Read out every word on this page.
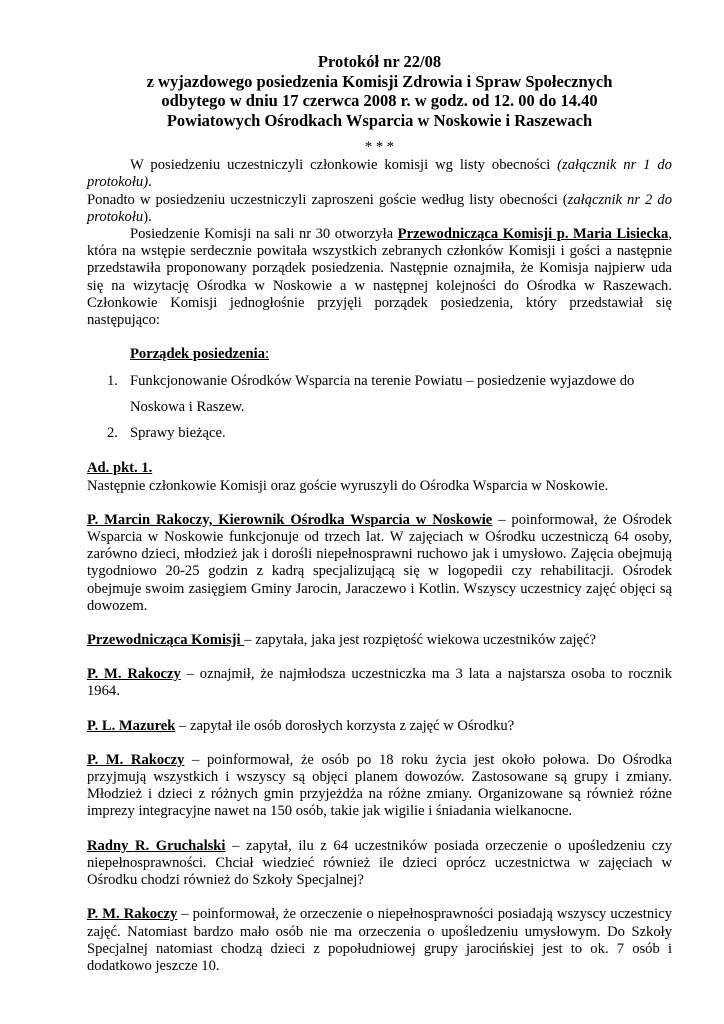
Protokół nr 22/08
z wyjazdowego posiedzenia Komisji Zdrowia i Spraw Społecznych
odbytego w dniu 17 czerwca 2008 r. w godz. od 12. 00 do 14.40
Powiatowych Ośrodkach Wsparcia w Noskowie i Raszewach
* * *

W posiedzeniu uczestniczyli członkowie komisji wg listy obecności (załącznik nr 1 do protokołu).

Ponadto w posiedzeniu uczestniczyli zaproszeni goście według listy obecności (załącznik nr 2 do protokołu).

Posiedzenie Komisji na sali nr 30 otworzyła Przewodnicząca Komisji p. Maria Lisiecka, która na wstępie serdecznie powitała wszystkich zebranych członków Komisji i gości a następnie przedstawiła proponowany porządek posiedzenia. Następnie oznajmiła, że Komisja najpierw uda się na wizytację Ośrodka w Noskowie a w następnej kolejności do Ośrodka w Raszewach. Członkowie Komisji jednogłośnie przyjęli porządek posiedzenia, który przedstawiał się następująco:

Porządek posiedzenia:
1. Funkcjonowanie Ośrodków Wsparcia na terenie Powiatu – posiedzenie wyjazdowe do
Noskowa i Raszew.
2. Sprawy bieżące.
Ad. pkt. 1.

Następnie członkowie Komisji oraz goście wyruszyli do Ośrodka Wsparcia w Noskowie.

P. Marcin Rakoczy, Kierownik Ośrodka Wsparcia w Noskowie – poinformował, że Ośrodek Wsparcia w Noskowie funkcjonuje od trzech lat. W zajęciach w Ośrodku uczestniczą 64 osoby, zarówno dzieci, młodzież jak i dorośli niepełnosprawni ruchowo jak i umysłowo. Zajęcia obejmują tygodniowo 20-25 godzin z kadrą specjalizującą się w logopedii czy rehabilitacji. Ośrodek obejmuje swoim zasięgiem Gminy Jarocin, Jaraczewo i Kotlin. Wszyscy uczestnicy zajęć objęci są dowozem.

Przewodnicząca Komisji – zapytała, jaka jest rozpiętość wiekowa uczestników zajęć?

P. M. Rakoczy – oznajmił, że najmłodsza uczestniczka ma 3 lata a najstarsza osoba to rocznik 1964.

P. L. Mazurek – zapytał ile osób dorosłych korzysta z zajęć w Ośrodku?

P. M. Rakoczy – poinformował, że osób po 18 roku życia jest około połowa. Do Ośrodka przyjmują wszystkich i wszyscy są objęci planem dowozów. Zastosowane są grupy i zmiany. Młodzież i dzieci z różnych gmin przyjeżdża na różne zmiany. Organizowane są również różne imprezy integracyjne nawet na 150 osób, takie jak wigilie i śniadania wielkanocne.

Radny R. Gruchalski – zapytał, ilu z 64 uczestników posiada orzeczenie o upośledzeniu czy niepełnosprawności. Chciał wiedzieć również ile dzieci oprócz uczestnictwa w zajęciach w Ośrodku chodzi również do Szkoły Specjalnej?

P. M. Rakoczy – poinformował, że orzeczenie o niepełnosprawności posiadają wszyscy uczestnicy zajęć. Natomiast bardzo mało osób nie ma orzeczenia o upośledzeniu umysłowym. Do Szkoły Specjalnej natomiast chodzą dzieci z popołudniowej grupy jarocińskiej jest to ok. 7 osób i dodatkowo jeszcze 10.
